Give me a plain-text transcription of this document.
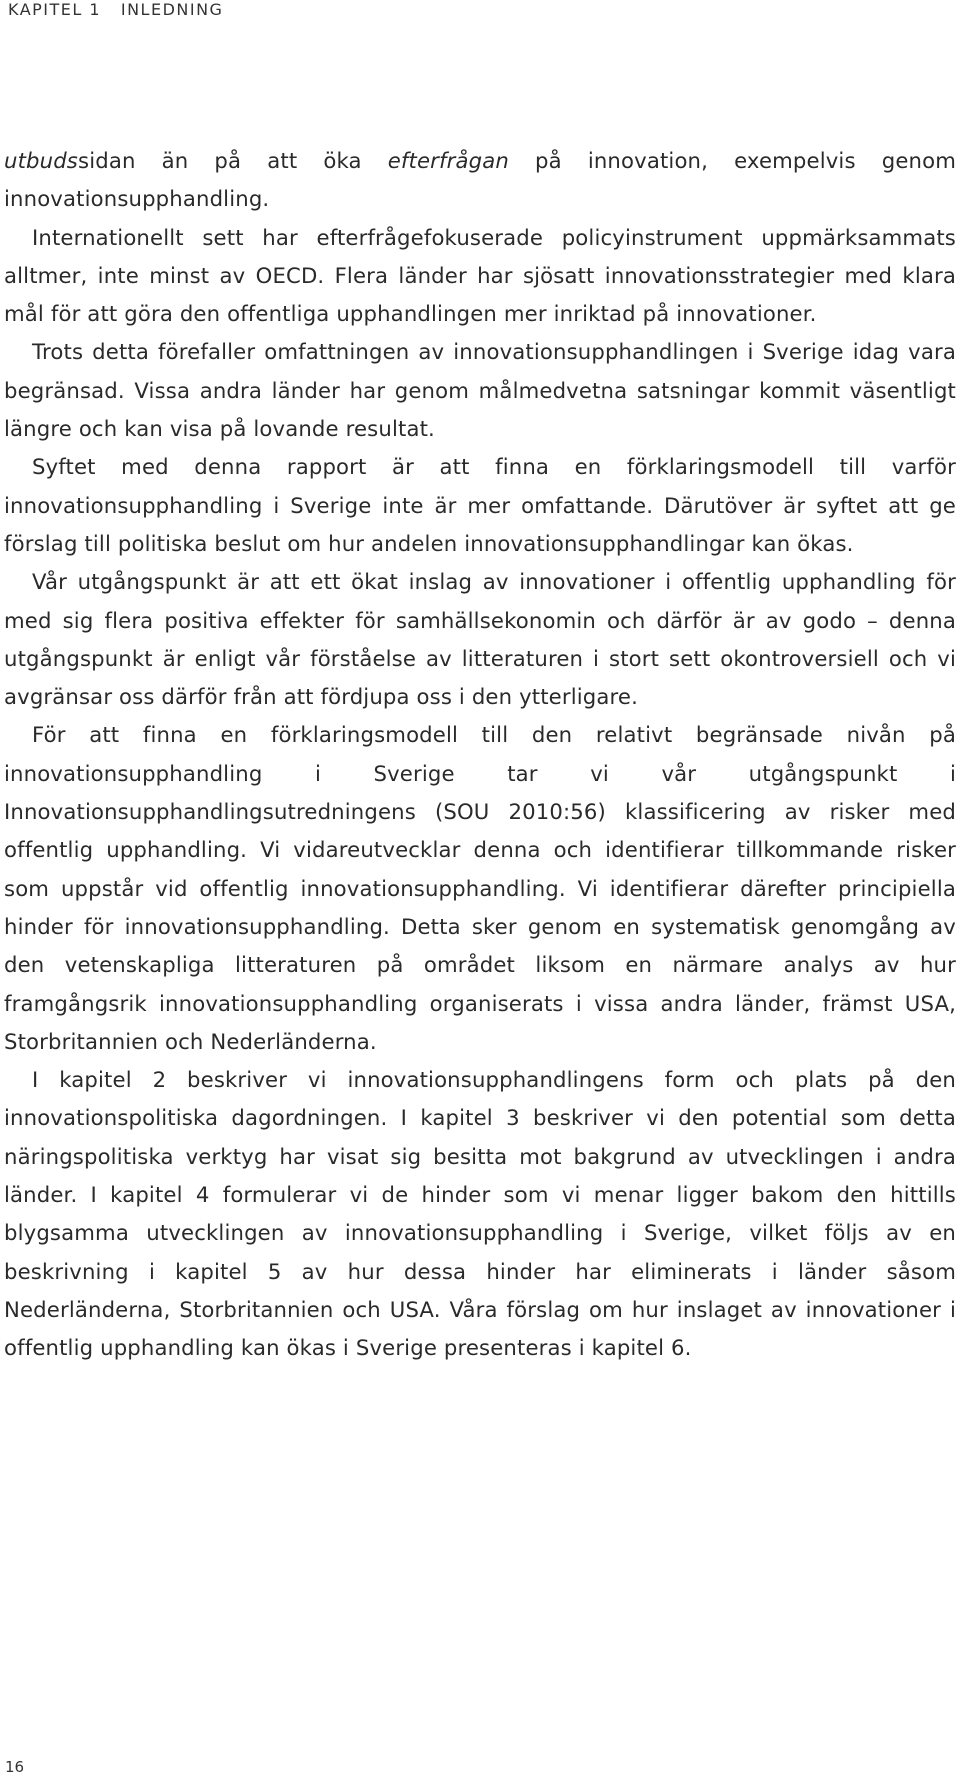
KAPITEL 1 INLEDNING

utbudssidan än på att öka efterfrågan på innovation, exempelvis genom innovationsupphandling.

Internationellt sett har efterfrågefokuserade policyinstrument uppmärksammats alltmer, inte minst av OECD. Flera länder har sjösatt innovationsstrategier med klara mål för att göra den offentliga upphandlingen mer inriktad på innovationer.

Trots detta förefaller omfattningen av innovationsupphandlingen i Sverige idag vara begränsad. Vissa andra länder har genom målmedvetna satsningar kommit väsentligt längre och kan visa på lovande resultat.

Syftet med denna rapport är att finna en förklaringsmodell till varför innovationsupphandling i Sverige inte är mer omfattande. Därutöver är syftet att ge förslag till politiska beslut om hur andelen innovationsupphandlingar kan ökas.

Vår utgångspunkt är att ett ökat inslag av innovationer i offentlig upphandling för med sig flera positiva effekter för samhällsekonomin och därför är av godo – denna utgångspunkt är enligt vår förståelse av litteraturen i stort sett okontroversiell och vi avgränsar oss därför från att fördjupa oss i den ytterligare.

För att finna en förklaringsmodell till den relativt begränsade nivån på innovationsupphandling i Sverige tar vi vår utgångspunkt i Innovationsupphandlingsutredningens (SOU 2010:56) klassificering av risker med offentlig upphandling. Vi vidareutvecklar denna och identifierar tillkommande risker som uppstår vid offentlig innovationsupphandling. Vi identifierar därefter principiella hinder för innovationsupphandling. Detta sker genom en systematisk genomgång av den vetenskapliga litteraturen på området liksom en närmare analys av hur framgångsrik innovationsupphandling organiserats i vissa andra länder, främst USA, Storbritannien och Nederländerna.

I kapitel 2 beskriver vi innovationsupphandlingens form och plats på den innovationspolitiska dagordningen. I kapitel 3 beskriver vi den potential som detta näringspolitiska verktyg har visat sig besitta mot bakgrund av utvecklingen i andra länder. I kapitel 4 formulerar vi de hinder som vi menar ligger bakom den hittills blygsamma utvecklingen av innovationsupphandling i Sverige, vilket följs av en beskrivning i kapitel 5 av hur dessa hinder har eliminerats i länder såsom Nederländerna, Storbritannien och USA. Våra förslag om hur inslaget av innovationer i offentlig upphandling kan ökas i Sverige presenteras i kapitel 6.

16
